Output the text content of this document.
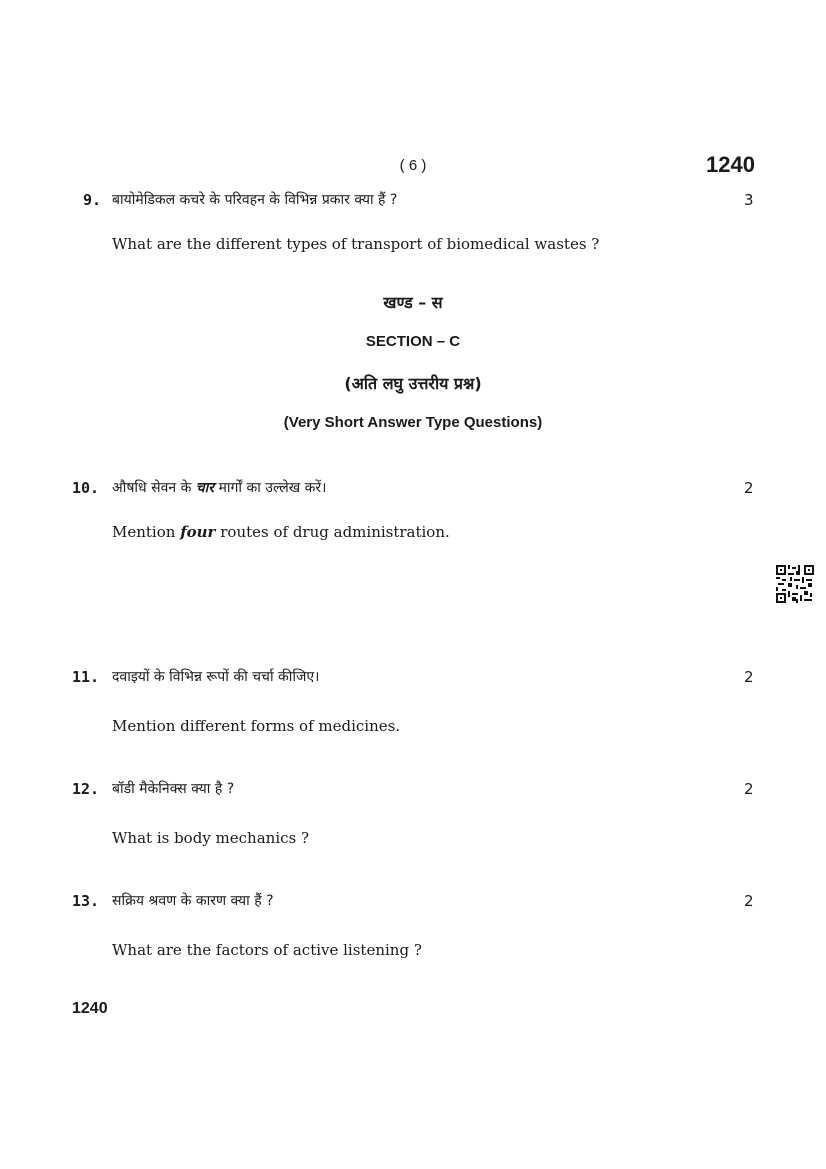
( 6 )	1240
9. बायोमेडिकल कचरे के परिवहन के विभिन्न प्रकार क्या हैं ?	3
What are the different types of transport of biomedical wastes ?
खण्ड – स
SECTION – C
(अति लघु उत्तरीय प्रश्न)
(Very Short Answer Type Questions)
10. औषधि सेवन के चार मार्गों का उल्लेख करें।	2
Mention four routes of drug administration.
11. दवाइयों के विभिन्न रूपों की चर्चा कीजिए।	2
Mention different forms of medicines.
12. बॉडी मैकेनिक्स क्या है ?	2
What is body mechanics ?
13. सक्रिय श्रवण के कारण क्या हैं ?	2
What are the factors of active listening ?
1240
